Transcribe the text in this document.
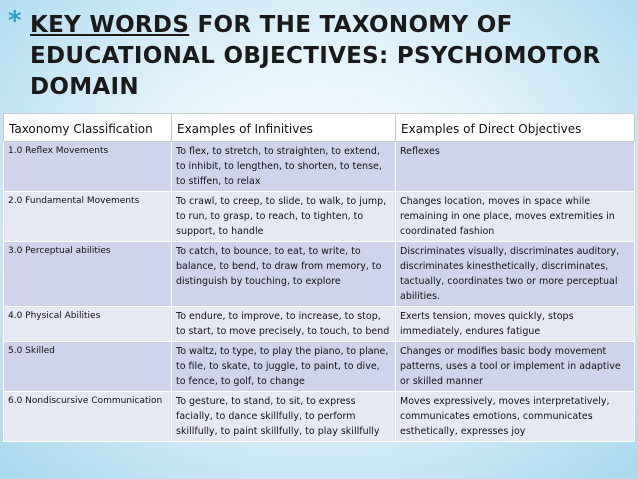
* KEY WORDS FOR THE TAXONOMY OF EDUCATIONAL OBJECTIVES: PSYCHOMOTOR DOMAIN
Taxonomy Classification	Examples of Infinitives	Examples of Direct Objectives
1.0 Reflex Movements	To flex, to stretch, to straighten, to extend, to inhibit, to lengthen, to shorten, to tense, to stiffen, to relax	Reflexes
2.0 Fundamental Movements	To crawl, to creep, to slide, to walk, to jump, to run, to grasp, to reach, to tighten, to support, to handle	Changes location, moves in space while remaining in one place, moves extremities in coordinated fashion
3.0 Perceptual abilities	To catch, to bounce, to eat, to write, to balance, to bend, to draw from memory, to distinguish by touching, to explore	Discriminates visually, discriminates auditory, discriminates kinesthetically, discriminates, tactually, coordinates two or more perceptual abilities.
4.0 Physical Abilities	To endure, to improve, to increase, to stop, to start, to move precisely, to touch, to bend	Exerts tension, moves quickly, stops immediately, endures fatigue
5.0 Skilled	To waltz, to type, to play the piano, to plane, to file, to skate, to juggle, to paint, to dive, to fence, to golf, to change	Changes or modifies basic body movement patterns, uses a tool or implement in adaptive or skilled manner
6.0 Nondiscursive Communication	To gesture, to stand, to sit, to express facially, to dance skillfully, to perform skillfully, to paint skillfully, to play skillfully	Moves expressively, moves interpretatively, communicates emotions, communicates esthetically, expresses joy
